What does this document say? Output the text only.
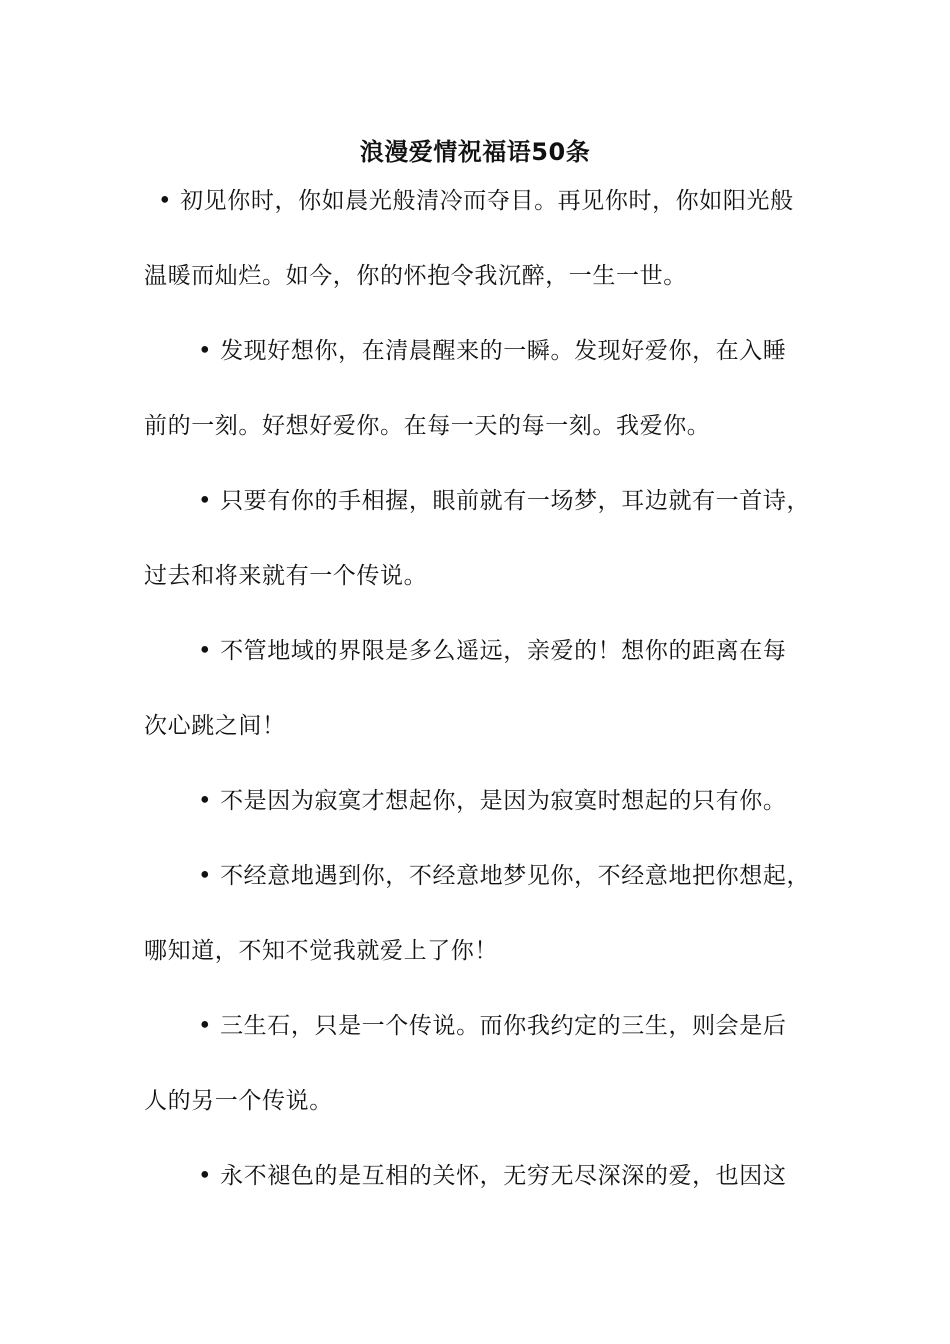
浪漫爱情祝福语50条
• 初见你时，你如晨光般清冷而夺目。再见你时，你如阳光般
温暖而灿烂。如今，你的怀抱令我沉醉，一生一世。
• 发现好想你，在清晨醒来的一瞬。发现好爱你，在入睡
前的一刻。好想好爱你。在每一天的每一刻。我爱你。
• 只要有你的手相握，眼前就有一场梦，耳边就有一首诗，
过去和将来就有一个传说。
• 不管地域的界限是多么遥远，亲爱的！想你的距离在每
次心跳之间！
• 不是因为寂寞才想起你，是因为寂寞时想起的只有你。
• 不经意地遇到你，不经意地梦见你，不经意地把你想起，
哪知道，不知不觉我就爱上了你！
• 三生石，只是一个传说。而你我约定的三生，则会是后
人的另一个传说。
• 永不褪色的是互相的关怀，无穷无尽深深的爱，也因这
